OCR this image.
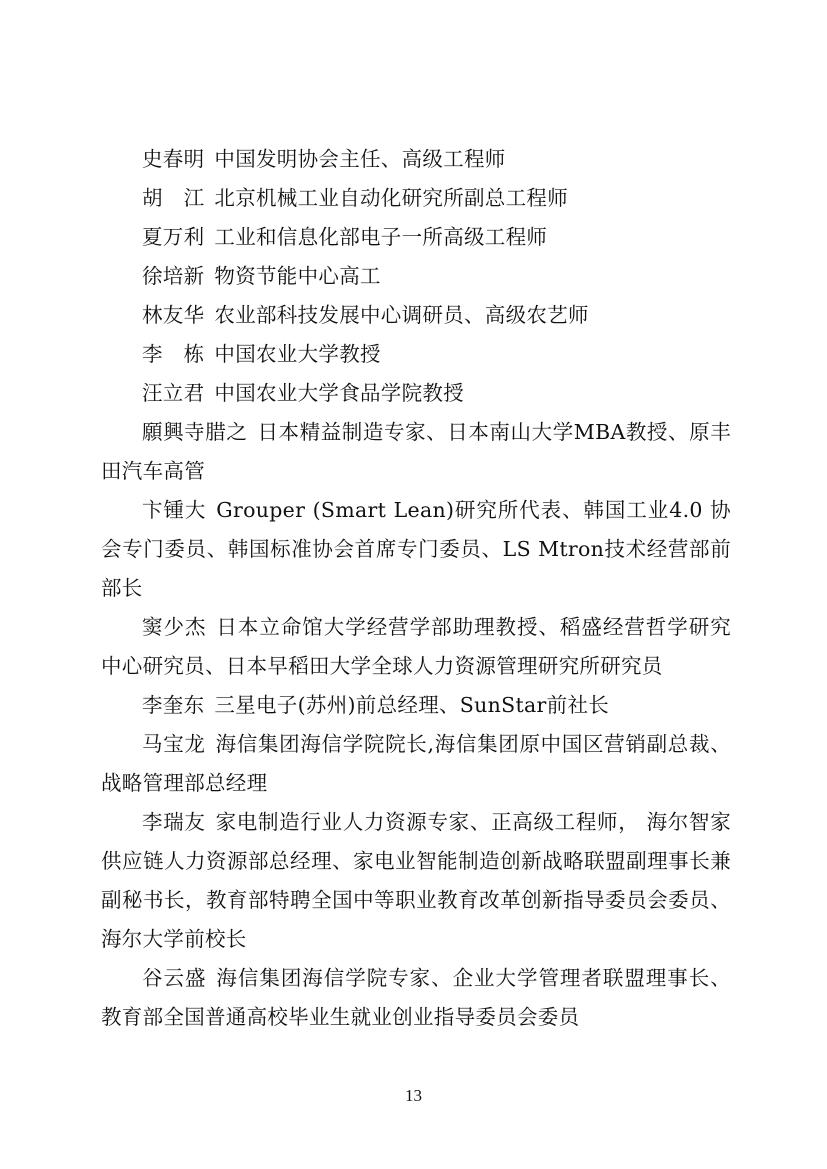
史春明 中国发明协会主任、高级工程师

胡　江 北京机械工业自动化研究所副总工程师

夏万利 工业和信息化部电子一所高级工程师

徐培新 物资节能中心高工

林友华 农业部科技发展中心调研员、高级农艺师

李　栋 中国农业大学教授

汪立君 中国农业大学食品学院教授

願興寺腊之 日本精益制造专家、日本南山大学MBA教授、原丰田汽车高管

卞锺大 Grouper (Smart Lean)研究所代表、韩国工业4.0 协会专门委员、韩国标准协会首席专门委员、LS Mtron技术经营部前部长

窦少杰 日本立命馆大学经营学部助理教授、稻盛经营哲学研究中心研究员、日本早稻田大学全球人力资源管理研究所研究员

李奎东 三星电子(苏州)前总经理、SunStar前社长

马宝龙 海信集团海信学院院长,海信集团原中国区营销副总裁、战略管理部总经理

李瑞友 家电制造行业人力资源专家、正高级工程师， 海尔智家供应链人力资源部总经理、家电业智能制造创新战略联盟副理事长兼副秘书长，教育部特聘全国中等职业教育改革创新指导委员会委员、海尔大学前校长

谷云盛 海信集团海信学院专家、企业大学管理者联盟理事长、教育部全国普通高校毕业生就业创业指导委员会委员

13
